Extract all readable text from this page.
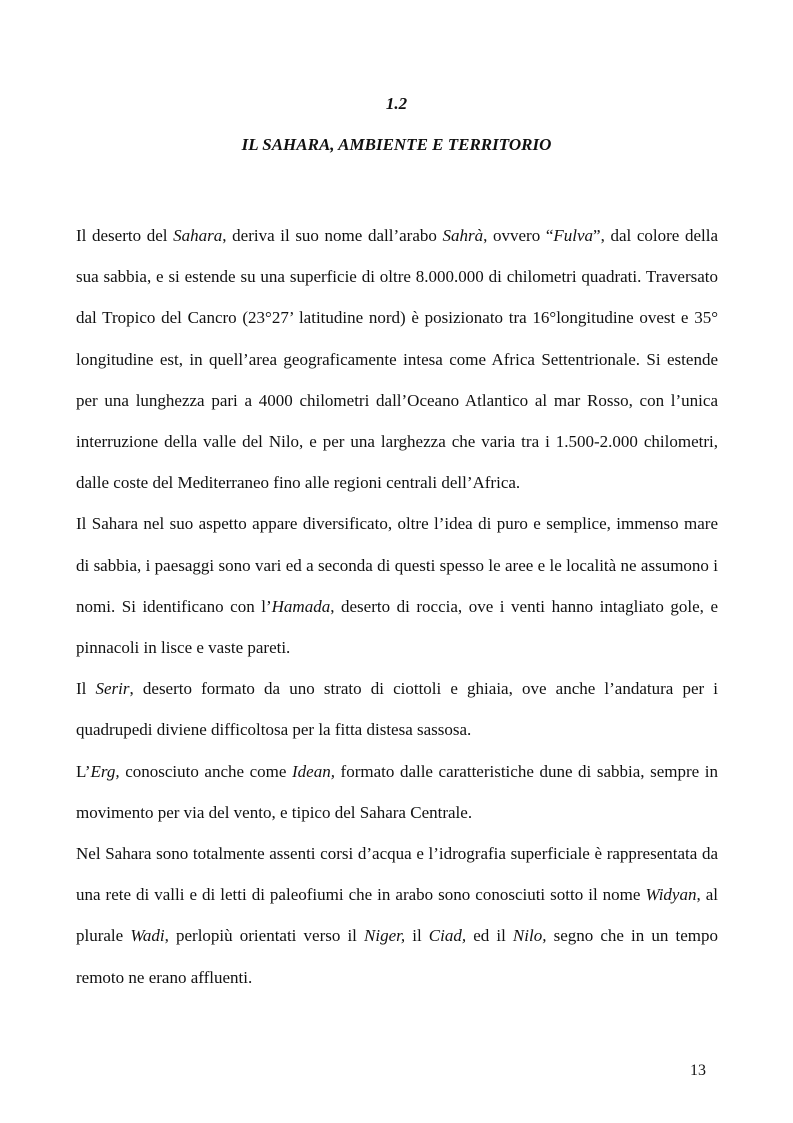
1.2
IL SAHARA, AMBIENTE E TERRITORIO

Il deserto del Sahara, deriva il suo nome dall’arabo Sahrà, ovvero “Fulva”, dal colore della sua sabbia, e si estende su una superficie di oltre 8.000.000 di chilometri quadrati. Traversato dal Tropico del Cancro (23°27’ latitudine nord) è posizionato tra 16°longitudine ovest e 35° longitudine est, in quell’area geograficamente intesa come Africa Settentrionale. Si estende per una lunghezza pari a 4000 chilometri dall’Oceano Atlantico al mar Rosso, con l’unica interruzione della valle del Nilo, e per una larghezza che varia tra i 1.500-2.000 chilometri, dalle coste del Mediterraneo fino alle regioni centrali dell’Africa.

Il Sahara nel suo aspetto appare diversificato, oltre l’idea di puro e semplice, immenso mare di sabbia, i paesaggi sono vari ed a seconda di questi spesso le aree e le località ne assumono i nomi. Si identificano con l’Hamada, deserto di roccia, ove i venti hanno intagliato gole, e pinnacoli in lisce e vaste pareti.

Il Serir, deserto formato da uno strato di ciottoli e ghiaia, ove anche l’andatura per i quadrupedi diviene difficoltosa per la fitta distesa sassosa.

L’Erg, conosciuto anche come Idean, formato dalle caratteristiche dune di sabbia, sempre in movimento per via del vento, e tipico del Sahara Centrale.

Nel Sahara sono totalmente assenti corsi d’acqua e l’idrografia superficiale è rappresentata da una rete di valli e di letti di paleofiumi che in arabo sono conosciuti sotto il nome Widyan, al plurale Wadi, perlopiù orientati verso il Niger, il Ciad, ed il Nilo, segno che in un tempo remoto ne erano affluenti.

13
